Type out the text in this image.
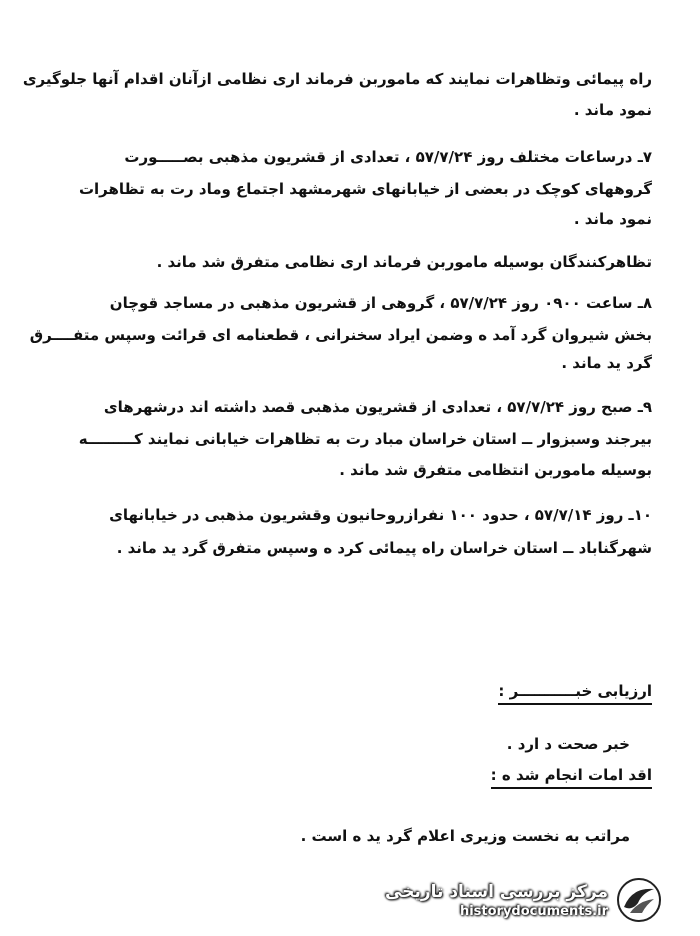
راه پیمائی وتظاهرات نمایند که ماموربن فرماند اری نظامی ازآنان اقدام آنها جلوگیری
نمود ماند .
۷ـ درساعات مختلف روز ۵۷/۷/۲۴ ، تعدادی از قشریون مذهبی بصـــــورت
گروههای کوچک در بعضی از خیابانهای شهرمشهد اجتماع وماد رت به تظاهرات
نمود ماند .
تظاهرکنندگان بوسیله ماموربن فرماند اری نظامی متفرق شد ماند .
۸ـ ساعت ۰۹۰۰ روز ۵۷/۷/۲۴ ، گروهی از قشریون مذهبی در مساجد قوچان
بخش شیروان گرد آمد ه وضمن ایراد سخنرانی ، قطعنامه ای قرائت وسپس متفــــرق
گرد ید ماند .
۹ـ صبح روز ۵۷/۷/۲۴ ، تعدادی از قشریون مذهبی قصد داشته اند درشهرهای
بیرجند وسبزوار ــ استان خراسان مباد رت به تظاهرات خیابانی نمایند کـــــــــه
بوسیله ماموربن انتظامی متفرق شد ماند .
۱۰ـ روز ۵۷/۷/۱۴ ، حدود ۱۰۰ نفرازروحانیون وقشریون مذهبی در خیابانهای
شهرگناباد ــ استان خراسان راه پیمائی کرد ه وسپس متفرق گرد ید ماند .
ارزیابی خبـــــــــــر :
خبر صحت د ارد .
اقد امات انجام شد ه :
مراتب به نخست وزیری اعلام گرد ید ه است .
مرکز بررسی اسناد تاریخی
historydocuments.ir
